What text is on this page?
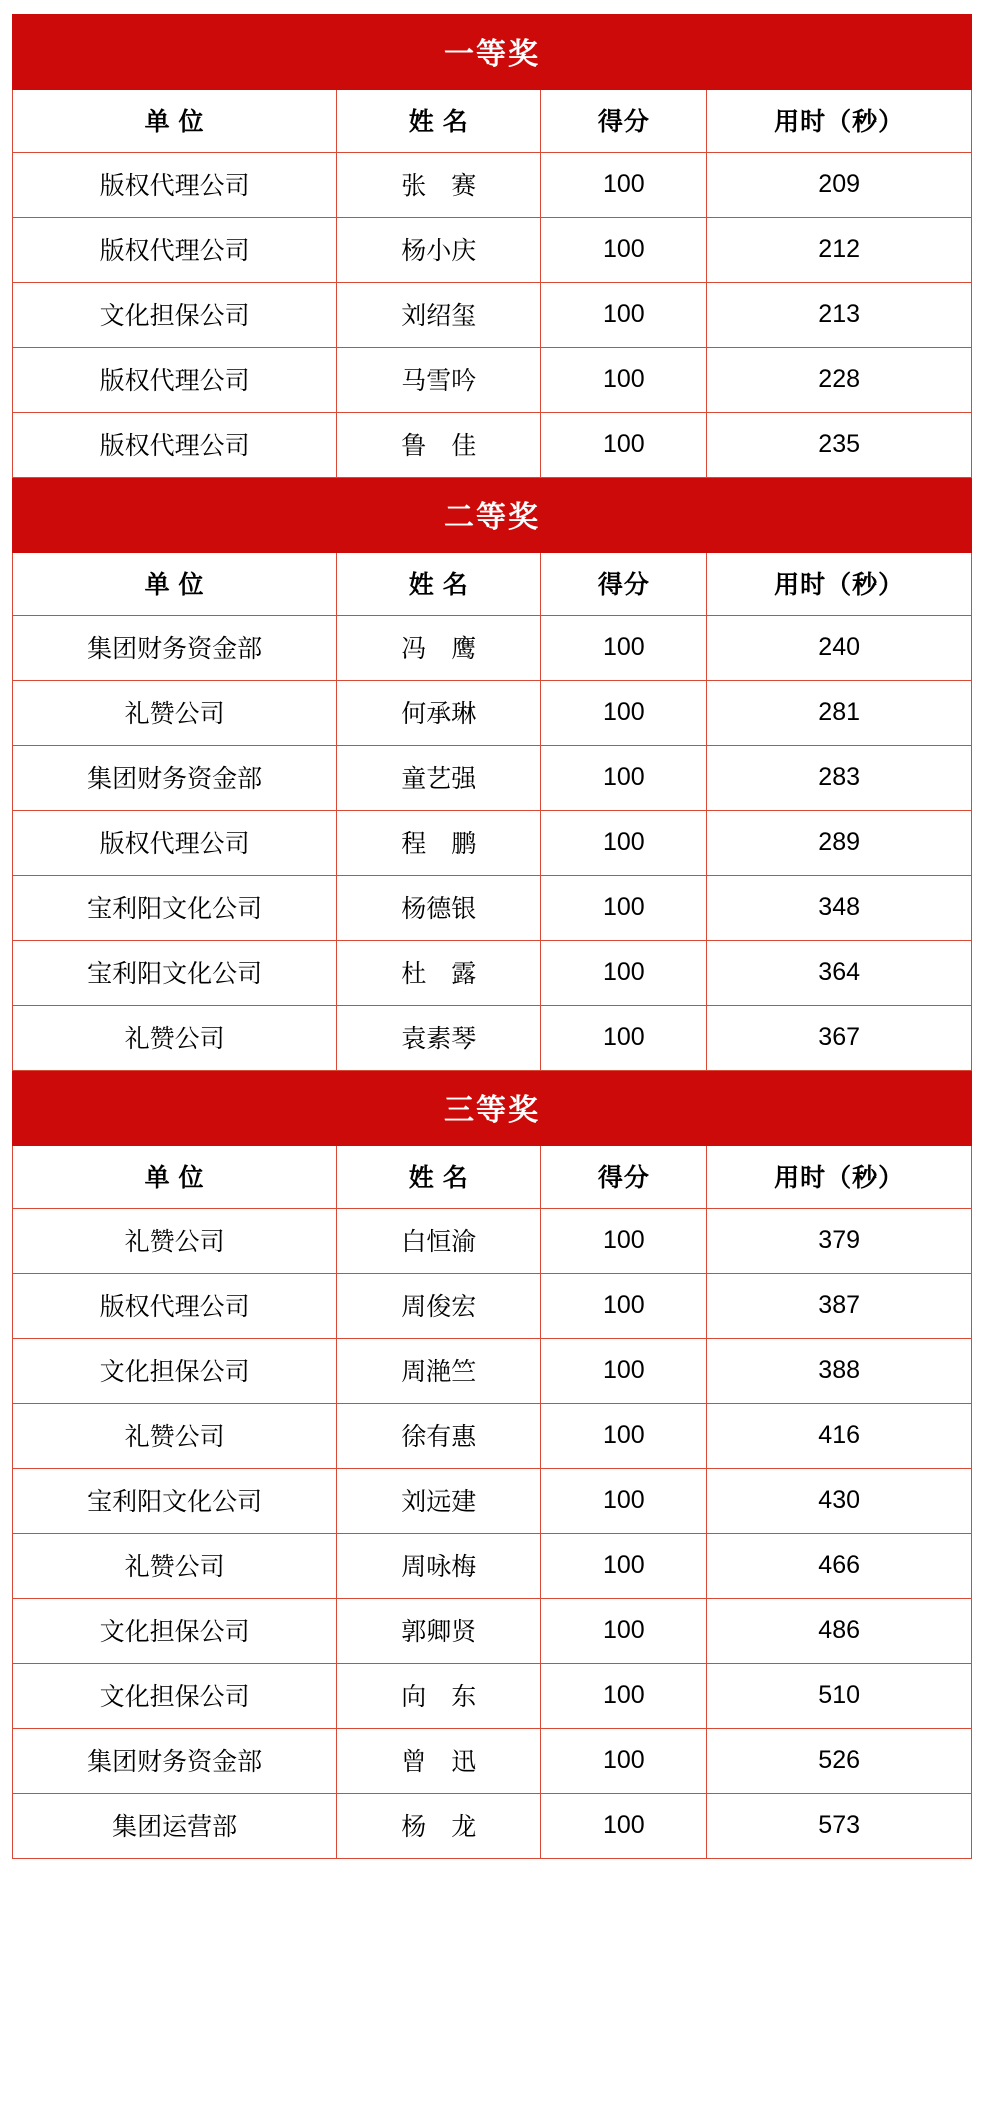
一等奖			
单 位	姓 名	得分	用时（秒）
版权代理公司	张　赛	100	209
版权代理公司	杨小庆	100	212
文化担保公司	刘绍玺	100	213
版权代理公司	马雪吟	100	228
版权代理公司	鲁　佳	100	235
二等奖			
单 位	姓 名	得分	用时（秒）
集团财务资金部	冯　鹰	100	240
礼赞公司	何承琳	100	281
集团财务资金部	童艺强	100	283
版权代理公司	程　鹏	100	289
宝利阳文化公司	杨德银	100	348
宝利阳文化公司	杜　露	100	364
礼赞公司	袁素琴	100	367
三等奖			
单 位	姓 名	得分	用时（秒）
礼赞公司	白恒渝	100	379
版权代理公司	周俊宏	100	387
文化担保公司	周滟竺	100	388
礼赞公司	徐有惠	100	416
宝利阳文化公司	刘远建	100	430
礼赞公司	周咏梅	100	466
文化担保公司	郭卿贤	100	486
文化担保公司	向　东	100	510
集团财务资金部	曾　迅	100	526
集团运营部	杨　龙	100	573
